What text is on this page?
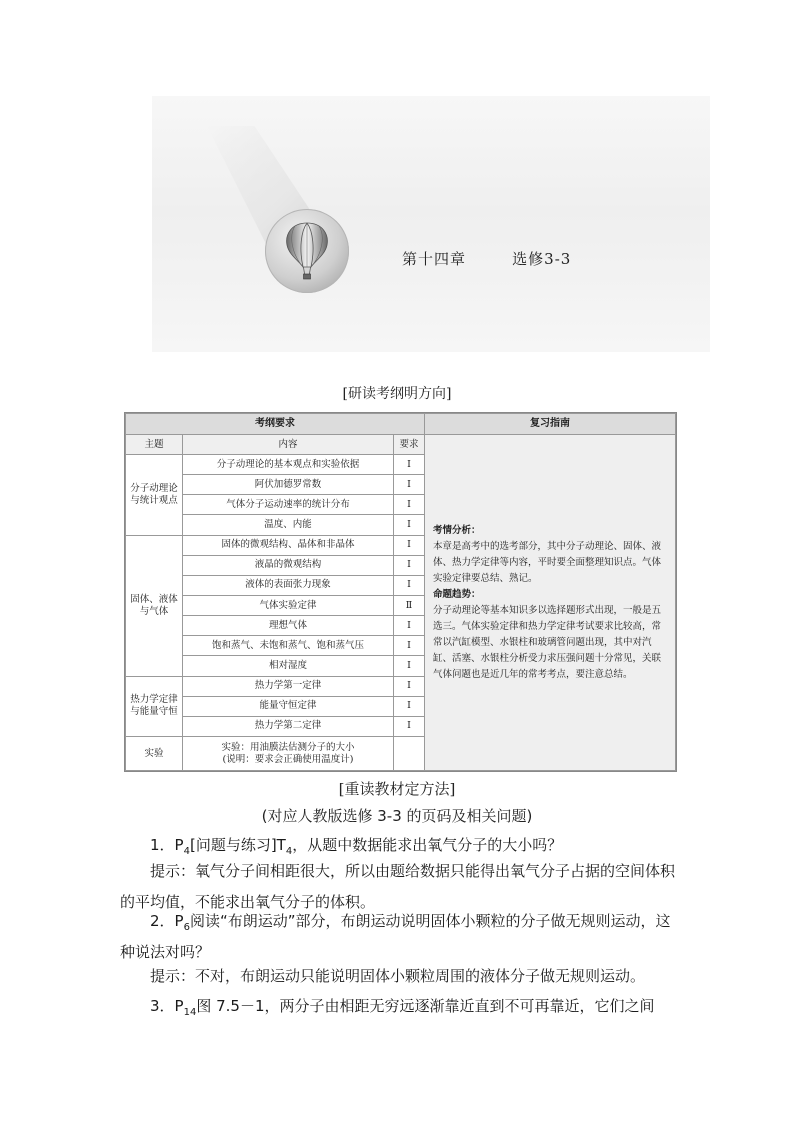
第十四章	选修3-3
[研读考纲明方向]
考纲要求			复习指南
主题	内容	要求	考情分析：
本章是高考中的选考部分，其中分子动理论、固体、液体、热力学定律等内容，平时要全面整理知识点。气体实验定律要总结、熟记。
命题趋势：
分子动理论等基本知识多以选择题形式出现，一般是五选三。气体实验定律和热力学定律考试要求比较高，常常以汽缸模型、水银柱和玻璃管问题出现，其中对汽缸、活塞、水银柱分析受力求压强问题十分常见，关联气体问题也是近几年的常考考点，要注意总结。

分子动理论与统计观点	分子动理论的基本观点和实验依据	Ⅰ	
	阿伏加德罗常数	Ⅰ	
	气体分子运动速率的统计分布	Ⅰ	
	温度、内能	Ⅰ	
固体、液体与气体	固体的微观结构、晶体和非晶体	Ⅰ	
	液晶的微观结构	Ⅰ	
	液体的表面张力现象	Ⅰ	
	气体实验定律	Ⅱ	
	理想气体	Ⅰ	
	饱和蒸气、未饱和蒸气、饱和蒸气压	Ⅰ	
	相对湿度	Ⅰ	
热力学定律与能量守恒	热力学第一定律	Ⅰ	
	能量守恒定律	Ⅰ	
	热力学第二定律	Ⅰ	
实验	实验：用油膜法估测分子的大小
(说明：要求会正确使用温度计)		

[重读教材定方法]
(对应人教版选修 3-3 的页码及相关问题)
1．$P_4$[问题与练习]$T_4$，从题中数据能求出氧气分子的大小吗？
提示：氧气分子间相距很大，所以由题给数据只能得出氧气分子占据的空间体积的平均值，不能求出氧气分子的体积。
2．$P_6$阅读“布朗运动”部分，布朗运动说明固体小颗粒的分子做无规则运动，这种说法对吗？
提示：不对，布朗运动只能说明固体小颗粒周围的液体分子做无规则运动。
3．$P_{14}$图 7.5－1，两分子由相距无穷远逐渐靠近直到不可再靠近，它们之间
